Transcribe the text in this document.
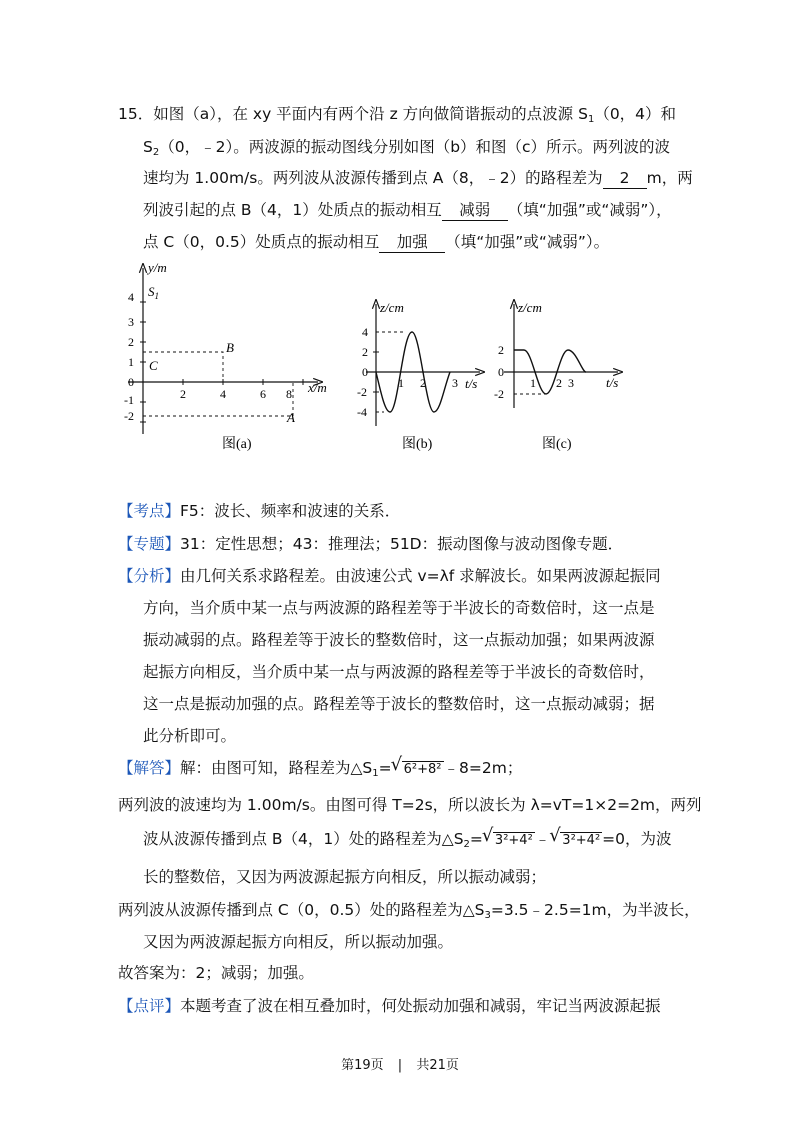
15．如图（a），在 xy 平面内有两个沿 z 方向做简谐振动的点波源 $S_1(0$，4）和
$S_2(0$，﹣2）。两波源的振动图线分别如图（b）和图（c）所示。两列波的波
速均为 1.00m/s。两列波从波源传播到点 A（8，﹣2）的路程差为 2 m，两
列波引起的点 B（4，1）处质点的振动相互 减弱 （填“加强”或“减弱”），
点 C（0，0.5）处质点的振动相互 加强 （填“加强”或“减弱”）。
y/m
x/m
4
3
2
1
0
-1
-2
2	4	6 8
$S_1$
B
C
A
图(a)
z/cm
t/s
4
2
0
-2
-4
1 2 3
图(b)
z/cm
t/s
2
0
-2
1 2 3
图(c)
【考点】F5：波长、频率和波速的关系．
【专题】31：定性思想；43：推理法；51D：振动图像与波动图像专题．
【分析】由几何关系求路程差。由波速公式 v=λf 求解波长。如果两波源起振同
方向，当介质中某一点与两波源的路程差等于半波长的奇数倍时，这一点是
振动减弱的点。路程差等于波长的整数倍时，这一点振动加强；如果两波源
起振方向相反，当介质中某一点与两波源的路程差等于半波长的奇数倍时，
这一点是振动加强的点。路程差等于波长的整数倍时，这一点振动减弱；据
此分析即可。
【解答】解：由图可知，路程差为$\triangle S_1=√$ 6²+8² ﹣8=2m；
两列波的波速均为 1.00m/s。由图可得 T=2s，所以波长为 λ=vT=1×2=2m，两列
波从波源传播到点 B（4，1）处的路程差为$\triangle S_2=√$ 3²+4² ﹣√ 3²+4² =0，为波
长的整数倍，又因为两波源起振方向相反，所以振动减弱；
两列波从波源传播到点 C（0，0.5）处的路程差为$\triangle S_3=3.5﹣2.5=1m$，为半波长，
又因为两波源起振方向相反，所以振动加强。
故答案为：2；减弱；加强。
【点评】本题考查了波在相互叠加时，何处振动加强和减弱，牢记当两波源起振
第19页 | 共21页
